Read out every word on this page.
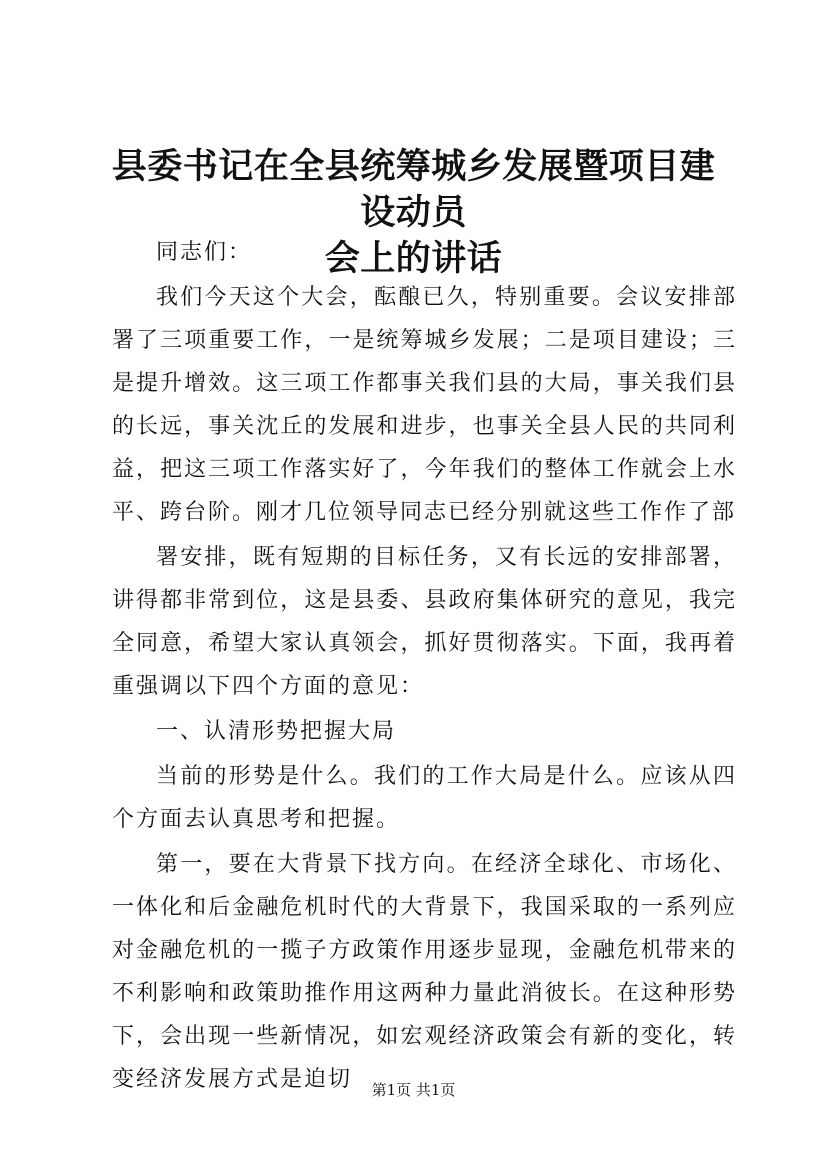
县委书记在全县统筹城乡发展暨项目建设动员
会上的讲话

同志们：

我们今天这个大会，酝酿已久，特别重要。会议安排部署了三项重要工作，一是统筹城乡发展；二是项目建设；三是提升增效。这三项工作都事关我们县的大局，事关我们县的长远，事关沈丘的发展和进步，也事关全县人民的共同利益，把这三项工作落实好了，今年我们的整体工作就会上水平、跨台阶。刚才几位领导同志已经分别就这些工作作了部

署安排，既有短期的目标任务，又有长远的安排部署，讲得都非常到位，这是县委、县政府集体研究的意见，我完全同意，希望大家认真领会，抓好贯彻落实。下面，我再着重强调以下四个方面的意见：

一、认清形势把握大局

当前的形势是什么。我们的工作大局是什么。应该从四个方面去认真思考和把握。

第一，要在大背景下找方向。在经济全球化、市场化、一体化和后金融危机时代的大背景下，我国采取的一系列应对金融危机的一揽子方政策作用逐步显现，金融危机带来的不利影响和政策助推作用这两种力量此消彼长。在这种形势下，会出现一些新情况，如宏观经济政策会有新的变化，转变经济发展方式是迫切	第1页 共1页
